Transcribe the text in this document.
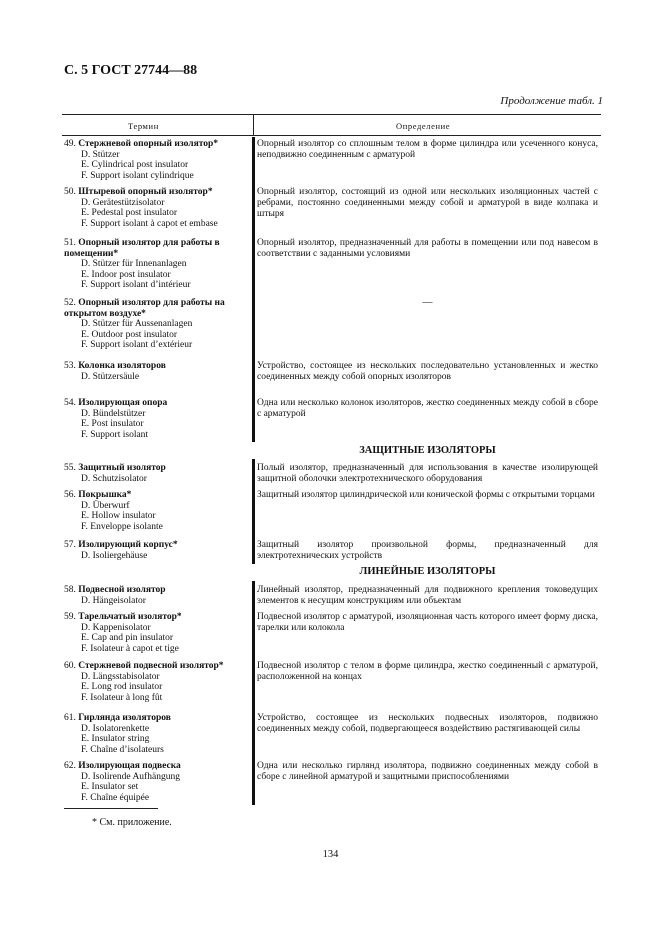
С. 5 ГОСТ 27744—88
Продолжение табл. 1
Термин	Определение
49. Стержневой опорный изолятор*
D. Stützer
E. Cylindrical post insulator
F. Support isolant cylindrique
Опорный изолятор со сплошным телом в форме цилиндра или усеченного конуса, неподвижно соединенным с арматурой
50. Штыревой опорный изолятор*
D. Gerätestützisolator
E. Pedestal post insulator
F. Support isolant à capot et embase
Опорный изолятор, состоящий из одной или нескольких изоляционных частей с ребрами, постоянно соединенными между собой и арматурой в виде колпака и штыря
51. Опорный изолятор для работы в помещении*
D. Stützer für Innenanlagen
E. Indoor post insulator
F. Support isolant d’intérieur
Опорный изолятор, предназначенный для работы в помещении или под навесом в соответствии с заданными условиями
52. Опорный изолятор для работы на открытом воздухе*
D. Stützer für Aussenanlagen
E. Outdoor post insulator
F. Support isolant d’extérieur
—
53. Колонка изоляторов
D. Stützersäule
Устройство, состоящее из нескольких последовательно установленных и жестко соединенных между собой опорных изоляторов
54. Изолирующая опора
D. Bündelstützer
E. Post insulator
F. Support isolant
Одна или несколько колонок изоляторов, жестко соединенных между собой в сборе с арматурой
ЗАЩИТНЫЕ ИЗОЛЯТОРЫ
55. Защитный изолятор
D. Schutzisolator
Полый изолятор, предназначенный для использования в качестве изолирующей защитной оболочки электротехнического оборудования
56. Покрышка*
D. Überwurf
E. Hollow insulator
F. Enveloppe isolante
Защитный изолятор цилиндрической или конической формы с открытыми торцами
57. Изолирующий корпус*
D. Isoliergehäuse
Защитный изолятор произвольной формы, предназначенный для электротехнических устройств
ЛИНЕЙНЫЕ ИЗОЛЯТОРЫ
58. Подвесной изолятор
D. Hängeisolator
Линейный изолятор, предназначенный для подвижного крепления токоведущих элементов к несущим конструкциям или объектам
59. Тарельчатый изолятор*
D. Kappenisolator
E. Cap and pin insulator
F. Isolateur à capot et tige
Подвесной изолятор с арматурой, изоляционная часть которого имеет форму диска, тарелки или колокола
60. Стержневой подвесной изолятор*
D. Längsstabisolator
E. Long rod insulator
F. Isolateur à long fût
Подвесной изолятор с телом в форме цилиндра, жестко соединенный с арматурой, расположенной на концах
61. Гирлянда изоляторов
D. Isolatorenkette
E. Insulator string
F. Chaîne d’isolateurs
Устройство, состоящее из нескольких подвесных изоляторов, подвижно соединенных между собой, подвергающееся воздействию растягивающей силы
62. Изолирующая подвеска
D. Isolirende Aufhängung
E. Insulator set
F. Chaîne équipée
Одна или несколько гирлянд изолятора, подвижно соединенных между собой в сборе с линейной арматурой и защитными приспособлениями
* См. приложение.
134
